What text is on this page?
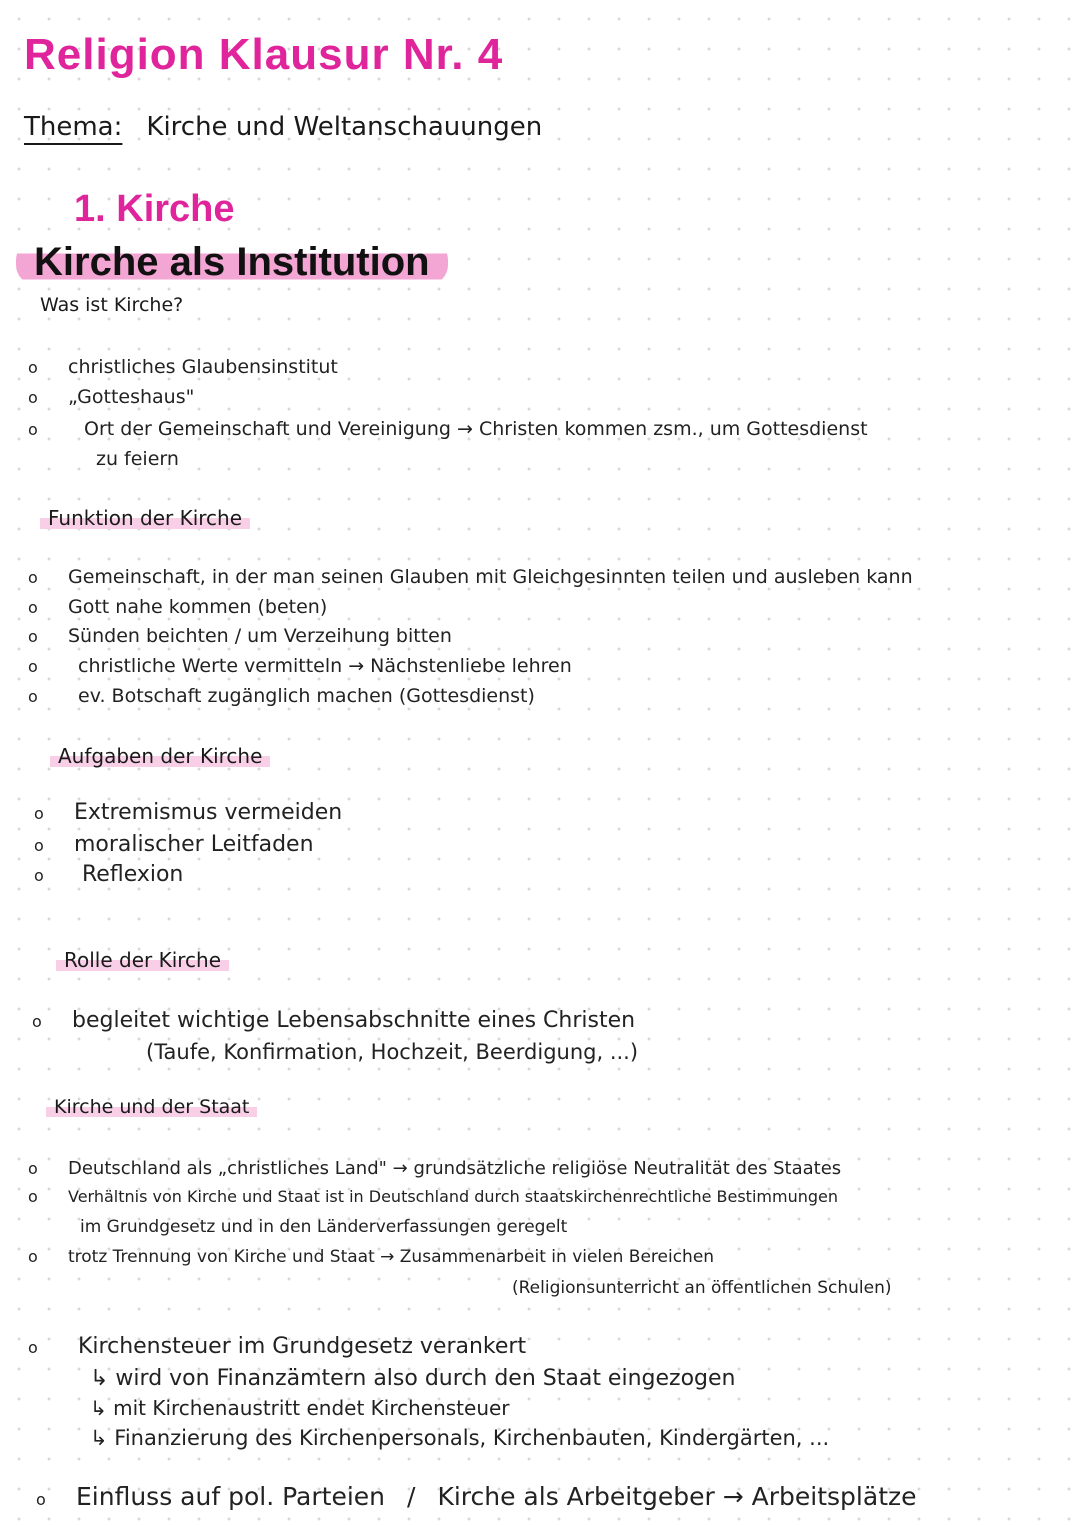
Religion Klausur Nr. 4
Thema: Kirche und Weltanschauungen
1. Kirche
Kirche als Institution
Was ist Kirche?
o christliches Glaubensinstitut
o „Gotteshaus"
o Ort der Gemeinschaft und Vereinigung → Christen kommen zsm., um Gottesdienst
zu feiern
Funktion der Kirche
o Gemeinschaft, in der man seinen Glauben mit Gleichgesinnten teilen und ausleben kann
o Gott nahe kommen (beten)
o Sünden beichten / um Verzeihung bitten
o christliche Werte vermitteln → Nächstenliebe lehren
o ev. Botschaft zugänglich machen (Gottesdienst)
Aufgaben der Kirche
o Extremismus vermeiden
o moralischer Leitfaden
o Reflexion
Rolle der Kirche
o begleitet wichtige Lebensabschnitte eines Christen
(Taufe, Konfirmation, Hochzeit, Beerdigung, ...)
Kirche und der Staat
o Deutschland als „christliches Land" → grundsätzliche religiöse Neutralität des Staates
o Verhältnis von Kirche und Staat ist in Deutschland durch staatskirchenrechtliche Bestimmungen
im Grundgesetz und in den Länderverfassungen geregelt
o trotz Trennung von Kirche und Staat → Zusammenarbeit in vielen Bereichen
(Religionsunterricht an öffentlichen Schulen)
o Kirchensteuer im Grundgesetz verankert
↳ wird von Finanzämtern also durch den Staat eingezogen
↳ mit Kirchenaustritt endet Kirchensteuer
↳ Finanzierung des Kirchenpersonals, Kirchenbauten, Kindergärten, ...
o Einfluss auf pol. Parteien / Kirche als Arbeitgeber → Arbeitsplätze
